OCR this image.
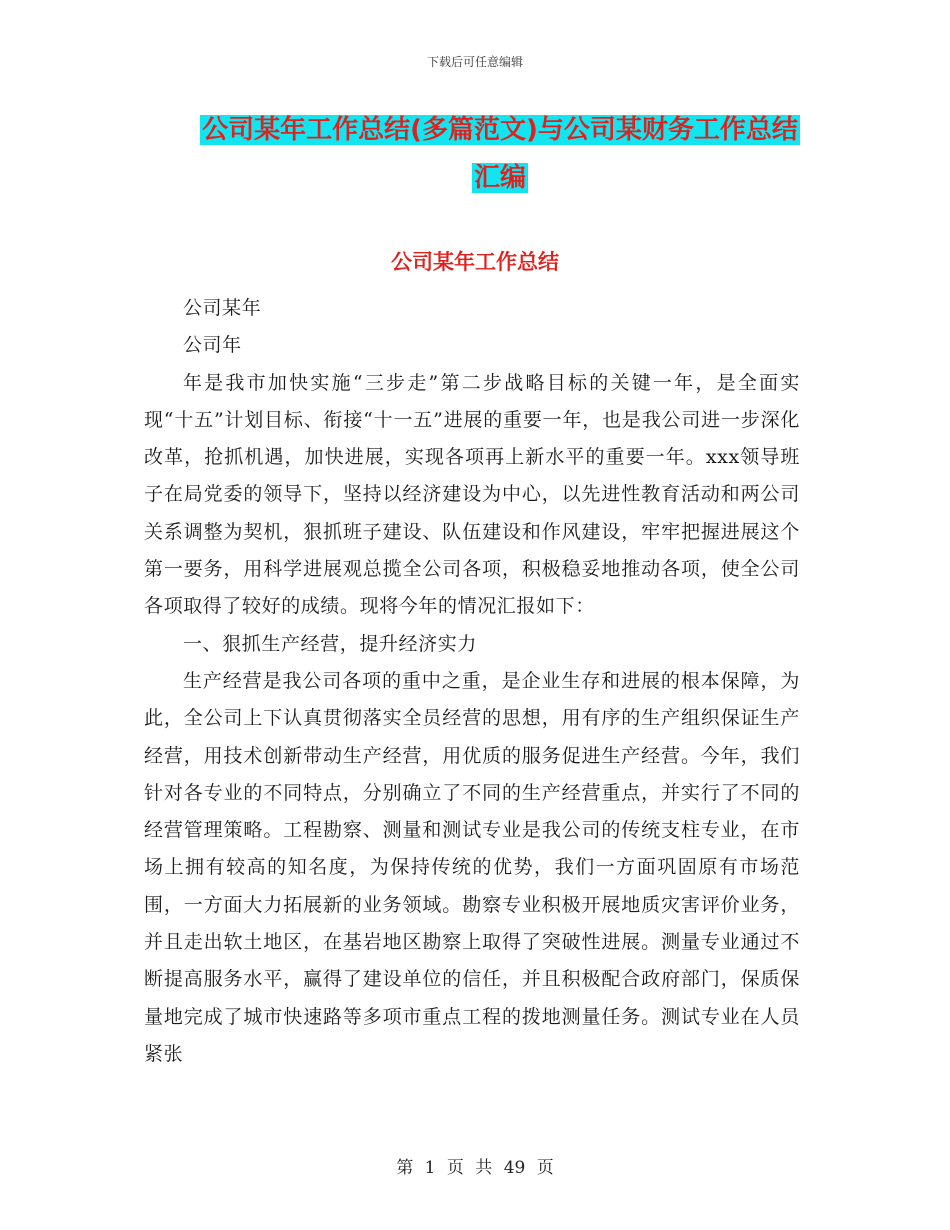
下载后可任意编辑
公司某年工作总结(多篇范文)与公司某财务工作总结
汇编
公司某年工作总结

公司某年

公司年

年是我市加快实施“三步走”第二步战略目标的关键一年，是全面实现“十五”计划目标、衔接“十一五”进展的重要一年，也是我公司进一步深化改革，抢抓机遇，加快进展，实现各项再上新水平的重要一年。xxx领导班子在局党委的领导下，坚持以经济建设为中心，以先进性教育活动和两公司关系调整为契机，狠抓班子建设、队伍建设和作风建设，牢牢把握进展这个第一要务，用科学进展观总揽全公司各项，积极稳妥地推动各项，使全公司各项取得了较好的成绩。现将今年的情况汇报如下：

一、狠抓生产经营，提升经济实力

生产经营是我公司各项的重中之重，是企业生存和进展的根本保障，为此，全公司上下认真贯彻落实全员经营的思想，用有序的生产组织保证生产经营，用技术创新带动生产经营，用优质的服务促进生产经营。今年，我们针对各专业的不同特点，分别确立了不同的生产经营重点，并实行了不同的经营管理策略。工程勘察、测量和测试专业是我公司的传统支柱专业，在市场上拥有较高的知名度，为保持传统的优势，我们一方面巩固原有市场范围，一方面大力拓展新的业务领域。勘察专业积极开展地质灾害评价业务，并且走出软土地区，在基岩地区勘察上取得了突破性进展。测量专业通过不断提高服务水平，赢得了建设单位的信任，并且积极配合政府部门，保质保量地完成了城市快速路等多项市重点工程的拨地测量任务。测试专业在人员紧张

第 1 页 共 49 页
